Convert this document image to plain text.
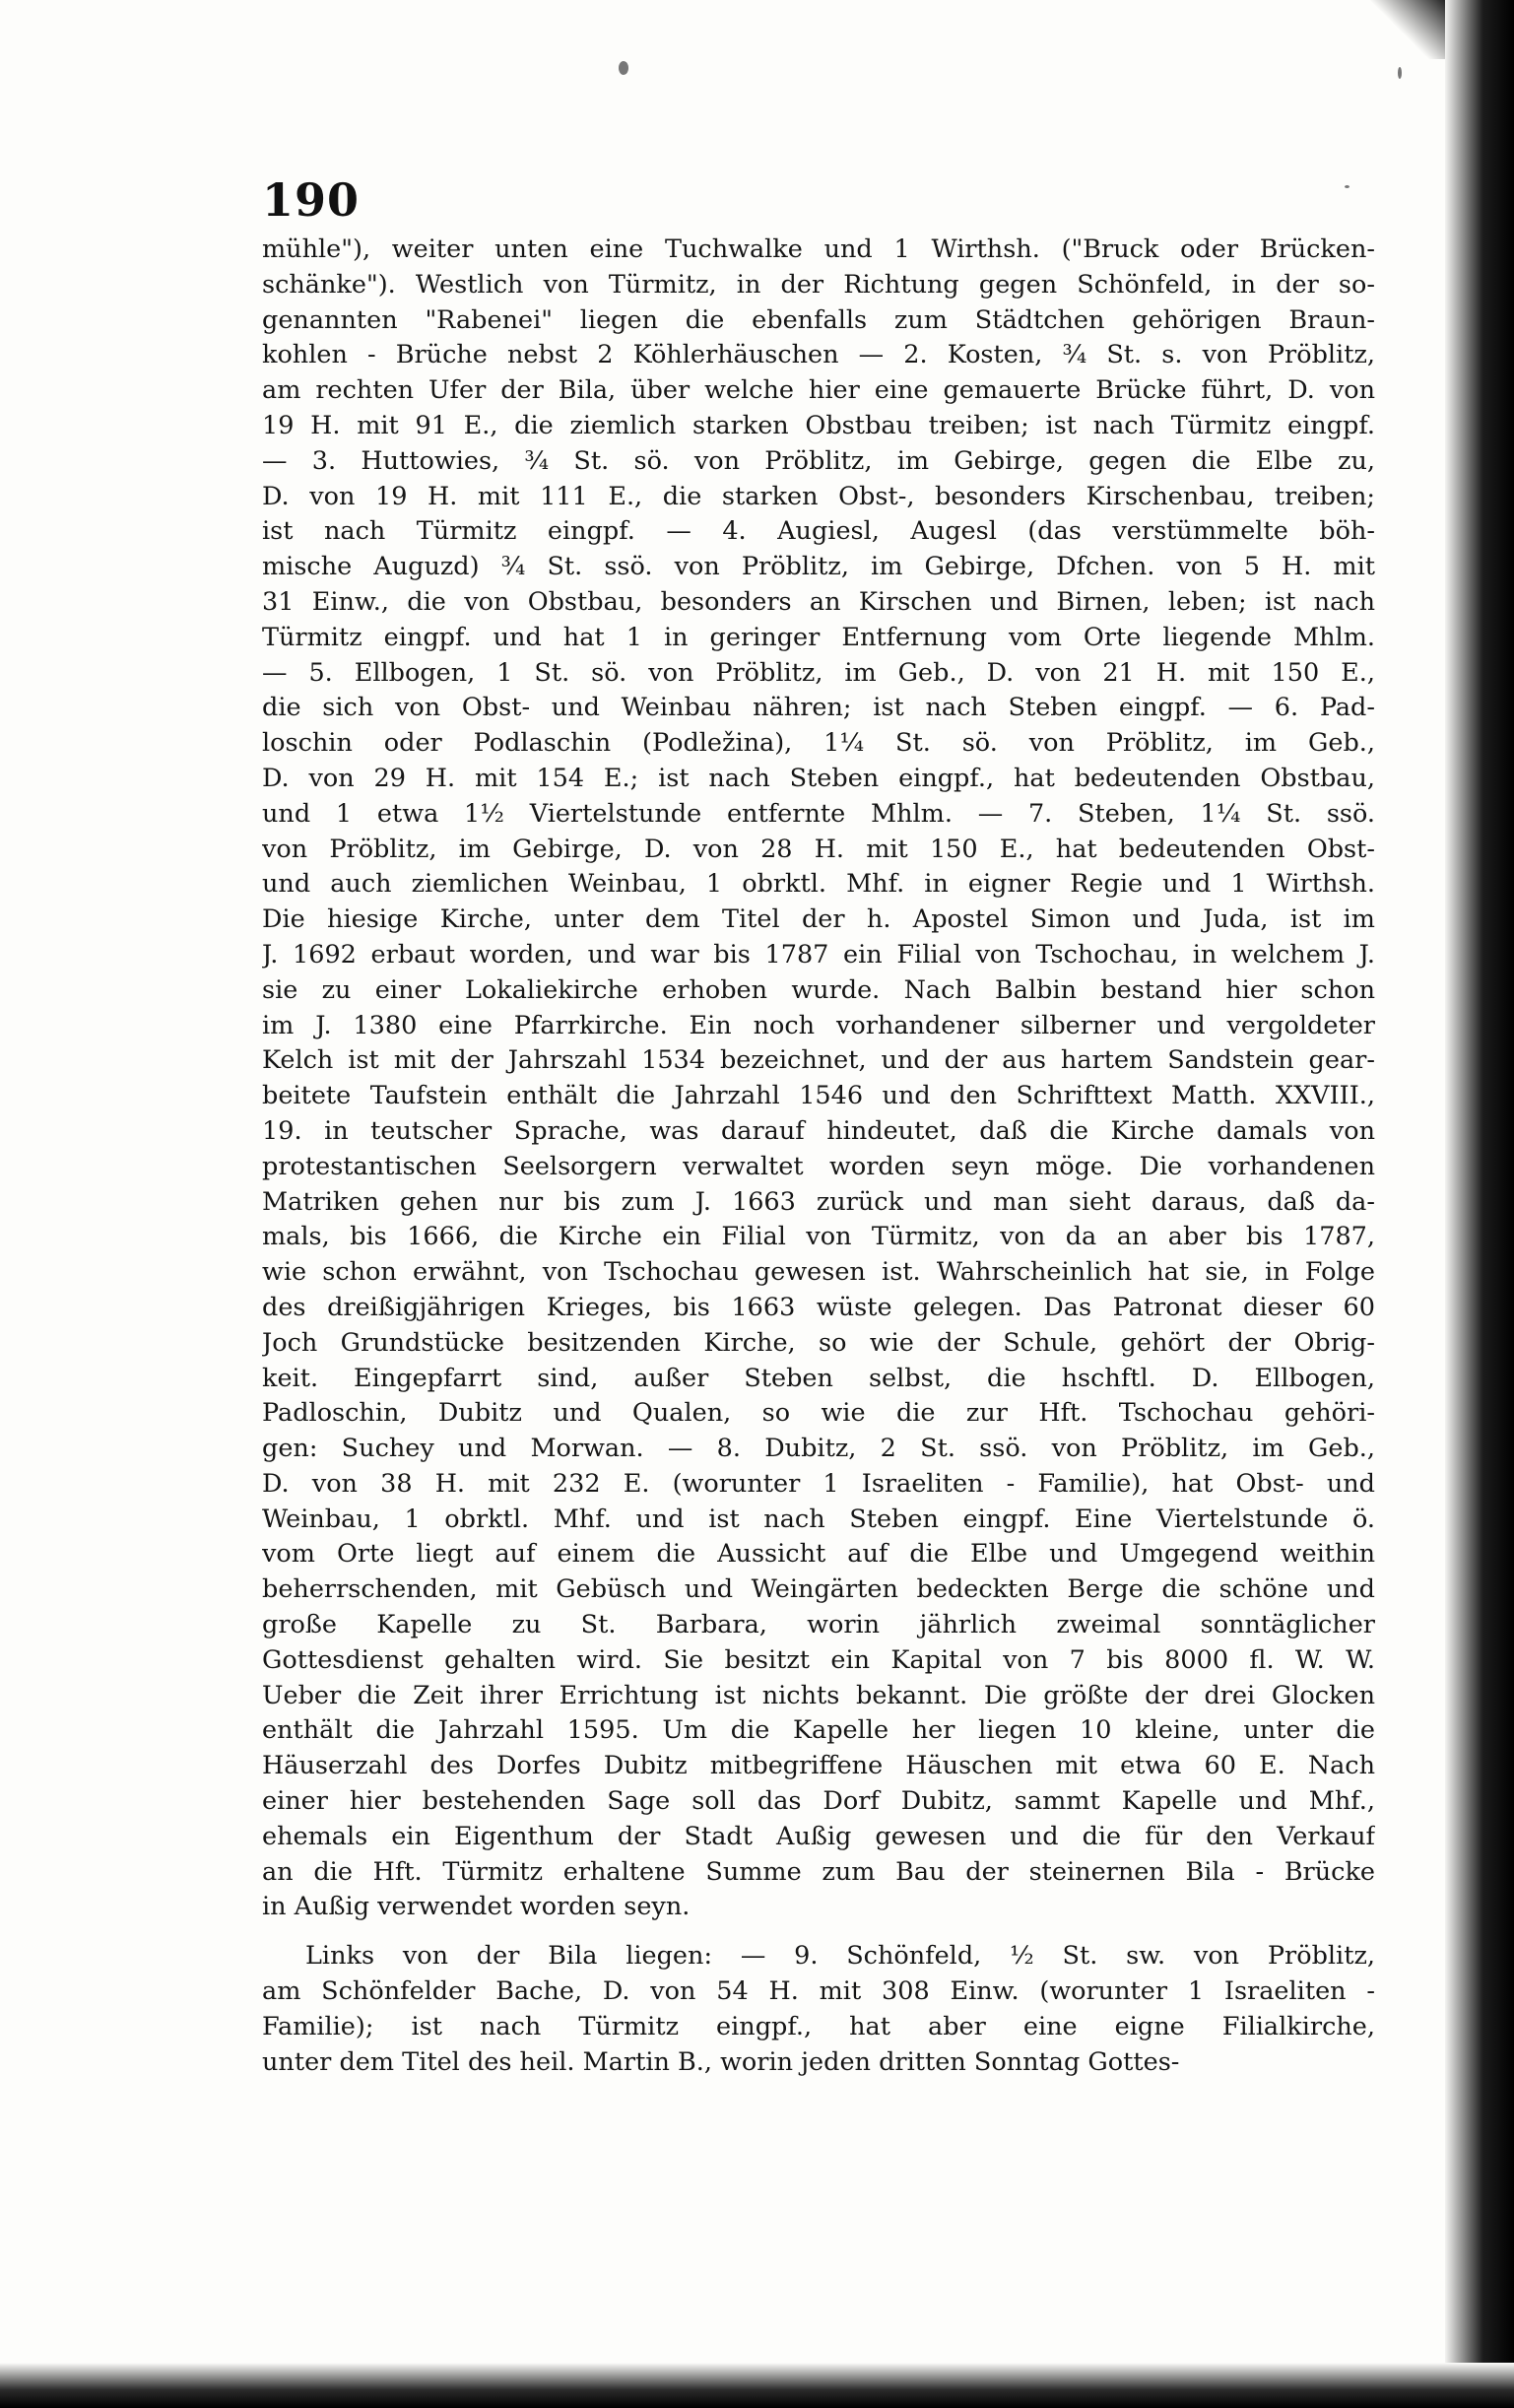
190
mühle"), weiter unten eine Tuchwalke und 1 Wirthsh. ("Bruck oder Brücken-
schänke"). Westlich von Türmitz, in der Richtung gegen Schönfeld, in der so-
genannten "Rabenei" liegen die ebenfalls zum Städtchen gehörigen Braun-
kohlen - Brüche nebst 2 Köhlerhäuschen — 2. Kosten, ¾ St. s. von Pröblitz,
am rechten Ufer der Bila, über welche hier eine gemauerte Brücke führt, D. von
19 H. mit 91 E., die ziemlich starken Obstbau treiben; ist nach Türmitz eingpf.
— 3. Huttowies, ¾ St. sö. von Pröblitz, im Gebirge, gegen die Elbe zu,
D. von 19 H. mit 111 E., die starken Obst-, besonders Kirschenbau, treiben;
ist nach Türmitz eingpf. — 4. Augiesl, Augesl (das verstümmelte böh-
mische Auguzd) ¾ St. ssö. von Pröblitz, im Gebirge, Dfchen. von 5 H. mit
31 Einw., die von Obstbau, besonders an Kirschen und Birnen, leben; ist nach
Türmitz eingpf. und hat 1 in geringer Entfernung vom Orte liegende Mhlm.
— 5. Ellbogen, 1 St. sö. von Pröblitz, im Geb., D. von 21 H. mit 150 E.,
die sich von Obst- und Weinbau nähren; ist nach Steben eingpf. — 6. Pad-
loschin oder Podlaschin (Podležina), 1¼ St. sö. von Pröblitz, im Geb.,
D. von 29 H. mit 154 E.; ist nach Steben eingpf., hat bedeutenden Obstbau,
und 1 etwa 1½ Viertelstunde entfernte Mhlm. — 7. Steben, 1¼ St. ssö.
von Pröblitz, im Gebirge, D. von 28 H. mit 150 E., hat bedeutenden Obst-
und auch ziemlichen Weinbau, 1 obrktl. Mhf. in eigner Regie und 1 Wirthsh.
Die hiesige Kirche, unter dem Titel der h. Apostel Simon und Juda, ist im
J. 1692 erbaut worden, und war bis 1787 ein Filial von Tschochau, in welchem J.
sie zu einer Lokaliekirche erhoben wurde. Nach Balbin bestand hier schon
im J. 1380 eine Pfarrkirche. Ein noch vorhandener silberner und vergoldeter
Kelch ist mit der Jahrszahl 1534 bezeichnet, und der aus hartem Sandstein gear-
beitete Taufstein enthält die Jahrzahl 1546 und den Schrifttext Matth. XXVIII.,
19. in teutscher Sprache, was darauf hindeutet, daß die Kirche damals von
protestantischen Seelsorgern verwaltet worden seyn möge. Die vorhandenen
Matriken gehen nur bis zum J. 1663 zurück und man sieht daraus, daß da-
mals, bis 1666, die Kirche ein Filial von Türmitz, von da an aber bis 1787,
wie schon erwähnt, von Tschochau gewesen ist. Wahrscheinlich hat sie, in Folge
des dreißigjährigen Krieges, bis 1663 wüste gelegen. Das Patronat dieser 60
Joch Grundstücke besitzenden Kirche, so wie der Schule, gehört der Obrig-
keit. Eingepfarrt sind, außer Steben selbst, die hschftl. D. Ellbogen,
Padloschin, Dubitz und Qualen, so wie die zur Hft. Tschochau gehöri-
gen: Suchey und Morwan. — 8. Dubitz, 2 St. ssö. von Pröblitz, im Geb.,
D. von 38 H. mit 232 E. (worunter 1 Israeliten - Familie), hat Obst- und
Weinbau, 1 obrktl. Mhf. und ist nach Steben eingpf. Eine Viertelstunde ö.
vom Orte liegt auf einem die Aussicht auf die Elbe und Umgegend weithin
beherrschenden, mit Gebüsch und Weingärten bedeckten Berge die schöne und
große Kapelle zu St. Barbara, worin jährlich zweimal sonntäglicher
Gottesdienst gehalten wird. Sie besitzt ein Kapital von 7 bis 8000 fl. W. W.
Ueber die Zeit ihrer Errichtung ist nichts bekannt. Die größte der drei Glocken
enthält die Jahrzahl 1595. Um die Kapelle her liegen 10 kleine, unter die
Häuserzahl des Dorfes Dubitz mitbegriffene Häuschen mit etwa 60 E. Nach
einer hier bestehenden Sage soll das Dorf Dubitz, sammt Kapelle und Mhf.,
ehemals ein Eigenthum der Stadt Außig gewesen und die für den Verkauf
an die Hft. Türmitz erhaltene Summe zum Bau der steinernen Bila - Brücke
in Außig verwendet worden seyn.
Links von der Bila liegen: — 9. Schönfeld, ½ St. sw. von Pröblitz,
am Schönfelder Bache, D. von 54 H. mit 308 Einw. (worunter 1 Israeliten -
Familie); ist nach Türmitz eingpf., hat aber eine eigne Filialkirche,
unter dem Titel des heil. Martin B., worin jeden dritten Sonntag Gottes-
